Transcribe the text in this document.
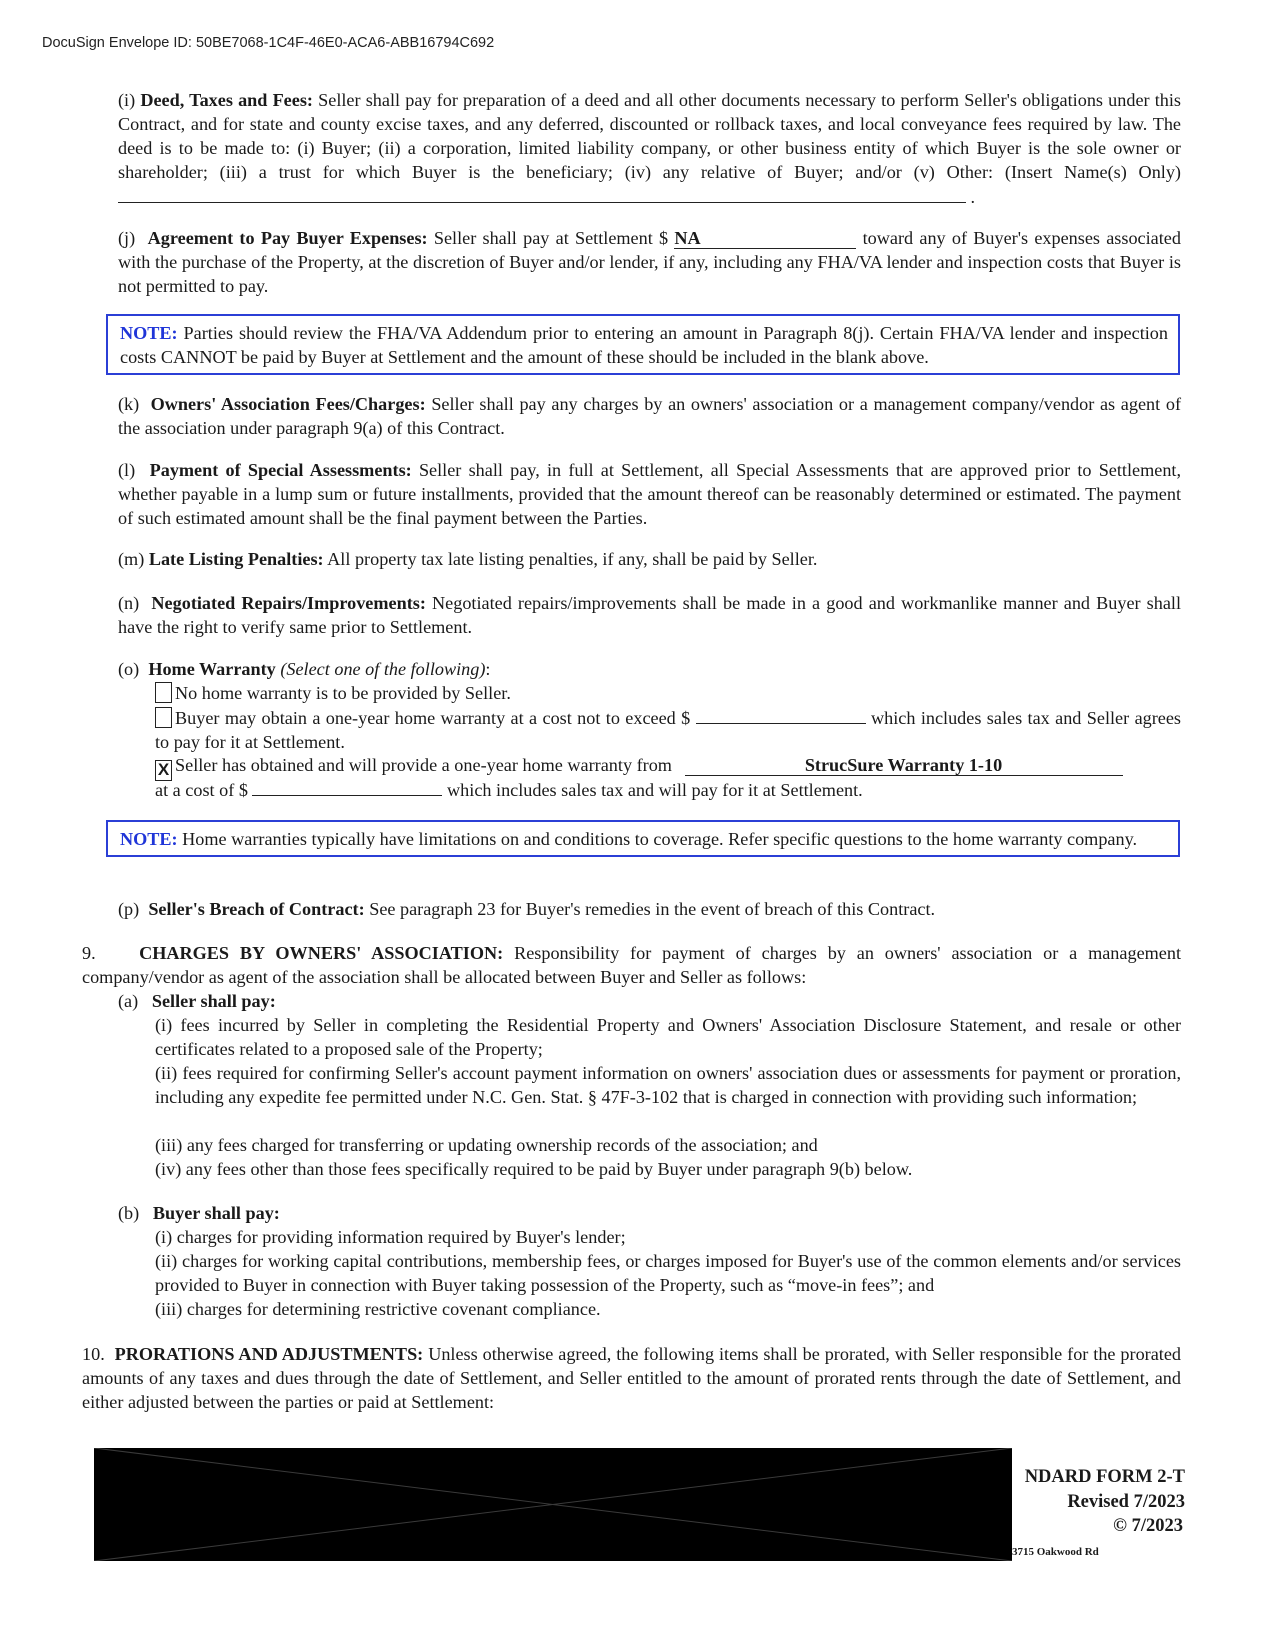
DocuSign Envelope ID: 50BE7068-1C4F-46E0-ACA6-ABB16794C692
(i) Deed, Taxes and Fees: Seller shall pay for preparation of a deed and all other documents necessary to perform Seller's obligations under this Contract, and for state and county excise taxes, and any deferred, discounted or rollback taxes, and local conveyance fees required by law. The deed is to be made to: (i) Buyer; (ii) a corporation, limited liability company, or other business entity of which Buyer is the sole owner or shareholder; (iii) a trust for which Buyer is the beneficiary; (iv) any relative of Buyer; and/or (v) Other: (Insert Name(s) Only)  .
(j) Agreement to Pay Buyer Expenses: Seller shall pay at Settlement $ NA	toward any of Buyer's expenses associated with the purchase of the Property, at the discretion of Buyer and/or lender, if any, including any FHA/VA lender and inspection costs that Buyer is not permitted to pay.
NOTE: Parties should review the FHA/VA Addendum prior to entering an amount in Paragraph 8(j). Certain FHA/VA lender and inspection costs CANNOT be paid by Buyer at Settlement and the amount of these should be included in the blank above.
(k) Owners' Association Fees/Charges: Seller shall pay any charges by an owners' association or a management company/vendor as agent of the association under paragraph 9(a) of this Contract.
(l) Payment of Special Assessments: Seller shall pay, in full at Settlement, all Special Assessments that are approved prior to Settlement, whether payable in a lump sum or future installments, provided that the amount thereof can be reasonably determined or estimated. The payment of such estimated amount shall be the final payment between the Parties.
(m) Late Listing Penalties: All property tax late listing penalties, if any, shall be paid by Seller.
(n) Negotiated Repairs/Improvements: Negotiated repairs/improvements shall be made in a good and workmanlike manner and Buyer shall have the right to verify same prior to Settlement.
(o) Home Warranty (Select one of the following):
No home warranty is to be provided by Seller.
Buyer may obtain a one-year home warranty at a cost not to exceed $	which includes sales tax and Seller agrees to pay for it at Settlement.
X Seller has obtained and will provide a one-year home warranty from	StrucSure Warranty 1-10
at a cost of $	which includes sales tax and will pay for it at Settlement.
NOTE: Home warranties typically have limitations on and conditions to coverage. Refer specific questions to the home warranty company.
(p) Seller's Breach of Contract: See paragraph 23 for Buyer's remedies in the event of breach of this Contract.
9. CHARGES BY OWNERS' ASSOCIATION: Responsibility for payment of charges by an owners' association or a management company/vendor as agent of the association shall be allocated between Buyer and Seller as follows:
(a) Seller shall pay:
(i) fees incurred by Seller in completing the Residential Property and Owners' Association Disclosure Statement, and resale or other certificates related to a proposed sale of the Property;
(ii) fees required for confirming Seller's account payment information on owners' association dues or assessments for payment or proration, including any expedite fee permitted under N.C. Gen. Stat. § 47F-3-102 that is charged in connection with providing such information;
(iii) any fees charged for transferring or updating ownership records of the association; and
(iv) any fees other than those fees specifically required to be paid by Buyer under paragraph 9(b) below.
(b) Buyer shall pay:
(i) charges for providing information required by Buyer's lender;
(ii) charges for working capital contributions, membership fees, or charges imposed for Buyer's use of the common elements and/or services provided to Buyer in connection with Buyer taking possession of the Property, such as “move-in fees”; and
(iii) charges for determining restrictive covenant compliance.
10. PRORATIONS AND ADJUSTMENTS: Unless otherwise agreed, the following items shall be prorated, with Seller responsible for the prorated amounts of any taxes and dues through the date of Settlement, and Seller entitled to the amount of prorated rents through the date of Settlement, and either adjusted between the parties or paid at Settlement:
NDARD FORM 2-T
Revised 7/2023
© 7/2023
3715 Oakwood Rd
